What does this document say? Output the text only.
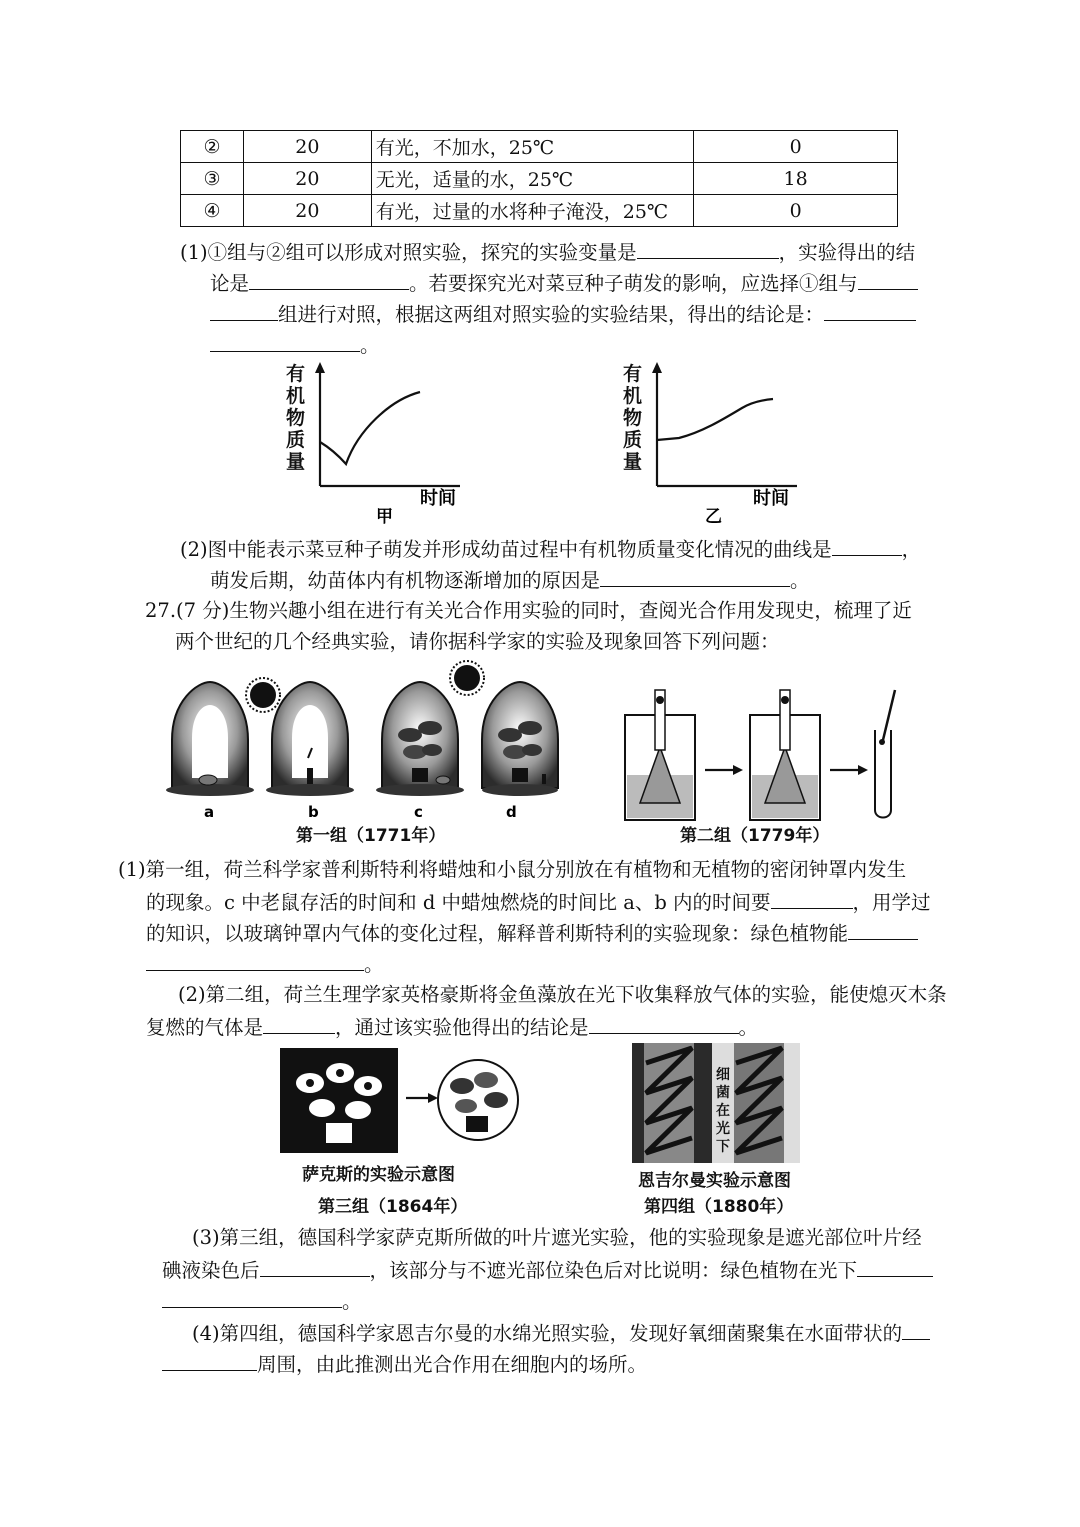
②	20	有光，不加水，25℃	0
③	20	无光，适量的水，25℃	18
④	20	有光，过量的水将种子淹没，25℃	0
(1)①组与②组可以形成对照实验，探究的实验变量是	，实验得出的结
论是	。若要探究光对菜豆种子萌发的影响，应选择①组与
组进行对照，根据这两组对照实验的实验结果，得出的结论是：
。
有
机
物
质
量
时间
甲
有
机
物
质
量
时间
乙
(2)图中能表示菜豆种子萌发并形成幼苗过程中有机物质量变化情况的曲线是	，
萌发后期，幼苗体内有机物逐渐增加的原因是	。
27.(7 分)生物兴趣小组在进行有关光合作用实验的同时，查阅光合作用发现史，梳理了近
两个世纪的几个经典实验，请你据科学家的实验及现象回答下列问题：
a	b	c	d
第一组（1771年）	第二组（1779年）
(1)第一组，荷兰科学家普利斯特利将蜡烛和小鼠分别放在有植物和无植物的密闭钟罩内发生
的现象。c 中老鼠存活的时间和 d 中蜡烛燃烧的时间比 a、b 内的时间要	，用学过
的知识，以玻璃钟罩内气体的变化过程，解释普利斯特利的实验现象：绿色植物能
。
(2)第二组，荷兰生理学家英格豪斯将金鱼藻放在光下收集释放气体的实验，能使熄灭木条
复燃的气体是	，通过该实验他得出的结论是	。
萨克斯的实验示意图
第三组（1864年）
细
菌
在
光
下
恩吉尔曼实验示意图
第四组（1880年）
(3)第三组，德国科学家萨克斯所做的叶片遮光实验，他的实验现象是遮光部位叶片经
碘液染色后	，该部分与不遮光部位染色后对比说明：绿色植物在光下
。
(4)第四组，德国科学家恩吉尔曼的水绵光照实验，发现好氧细菌聚集在水面带状的
周围，由此推测出光合作用在细胞内的场所。
